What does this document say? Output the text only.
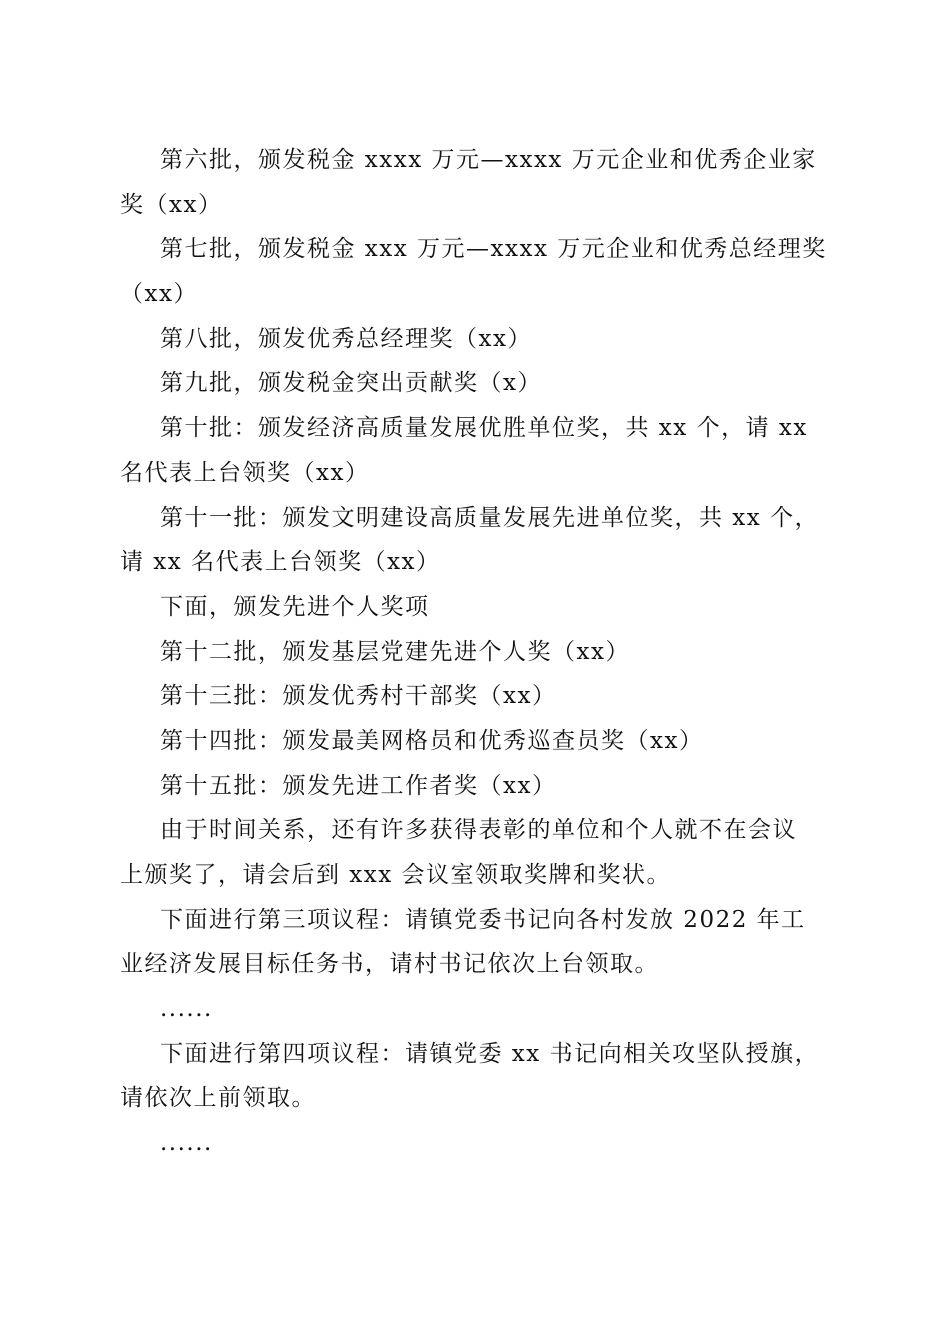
第六批，颁发税金 xxxx 万元—xxxx 万元企业和优秀企业家
奖（xx）
第七批，颁发税金 xxx 万元—xxxx 万元企业和优秀总经理奖
（xx）
第八批，颁发优秀总经理奖（xx）
第九批，颁发税金突出贡献奖（x）
第十批：颁发经济高质量发展优胜单位奖，共 xx 个，请 xx
名代表上台领奖（xx）
第十一批：颁发文明建设高质量发展先进单位奖，共 xx 个，
请 xx 名代表上台领奖（xx）
下面，颁发先进个人奖项
第十二批，颁发基层党建先进个人奖（xx）
第十三批：颁发优秀村干部奖（xx）
第十四批：颁发最美网格员和优秀巡查员奖（xx）
第十五批：颁发先进工作者奖（xx）
由于时间关系，还有许多获得表彰的单位和个人就不在会议
上颁奖了，请会后到 xxx 会议室领取奖牌和奖状。
下面进行第三项议程：请镇党委书记向各村发放 2022 年工
业经济发展目标任务书，请村书记依次上台领取。
......
下面进行第四项议程：请镇党委 xx 书记向相关攻坚队授旗，
请依次上前领取。
......
